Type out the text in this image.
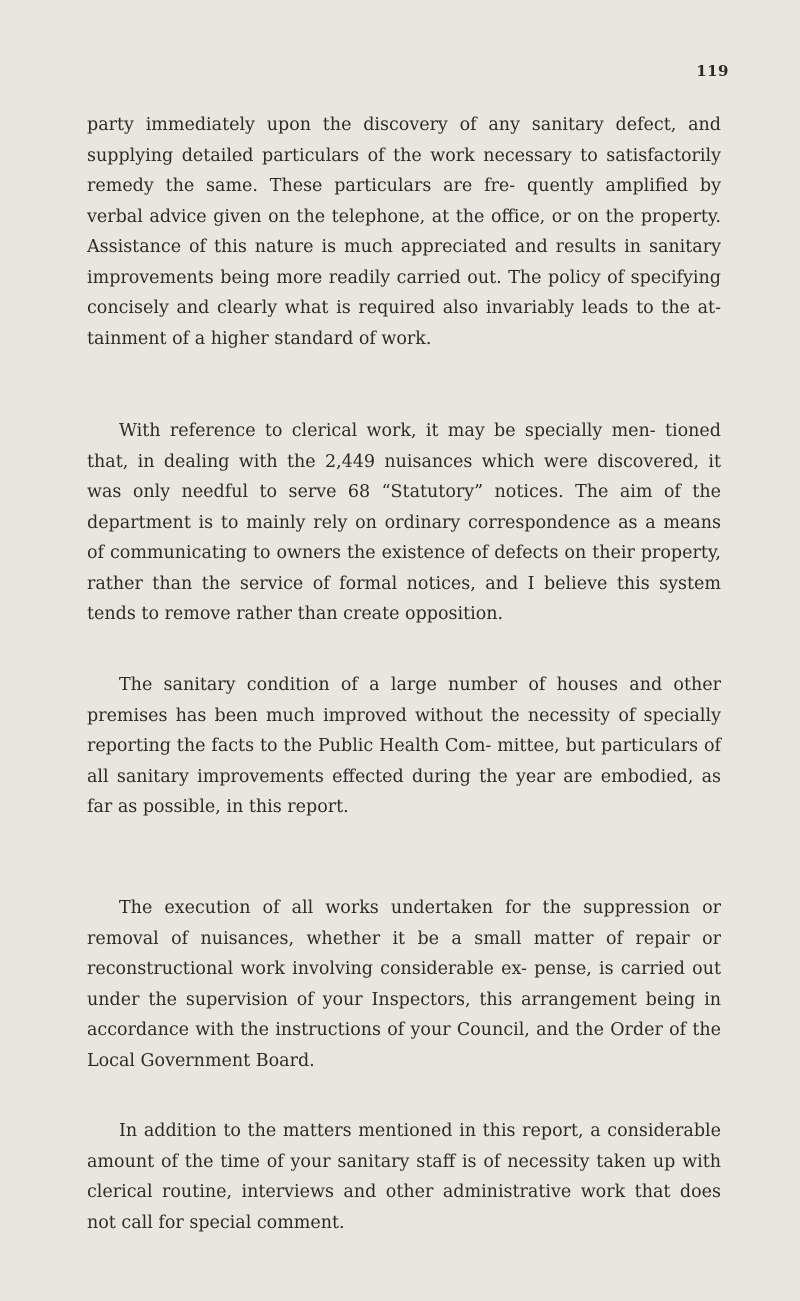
119

party immediately upon the discovery of any sanitary defect, and supplying detailed particulars of the work necessary to satisfactorily remedy the same. These particulars are fre- quently amplified by verbal advice given on the telephone, at the office, or on the property. Assistance of this nature is much appreciated and results in sanitary improvements being more readily carried out. The policy of specifying concisely and clearly what is required also invariably leads to the at- tainment of a higher standard of work.

With reference to clerical work, it may be specially men- tioned that, in dealing with the 2,449 nuisances which were discovered, it was only needful to serve 68 “Statutory” notices. The aim of the department is to mainly rely on ordinary correspondence as a means of communicating to owners the existence of defects on their property, rather than the service of formal notices, and I believe this system tends to remove rather than create opposition.

The sanitary condition of a large number of houses and other premises has been much improved without the necessity of specially reporting the facts to the Public Health Com- mittee, but particulars of all sanitary improvements effected during the year are embodied, as far as possible, in this report.

The execution of all works undertaken for the suppression or removal of nuisances, whether it be a small matter of repair or reconstructional work involving considerable ex- pense, is carried out under the supervision of your Inspectors, this arrangement being in accordance with the instructions of your Council, and the Order of the Local Government Board.

In addition to the matters mentioned in this report, a considerable amount of the time of your sanitary staff is of necessity taken up with clerical routine, interviews and other administrative work that does not call for special comment.
